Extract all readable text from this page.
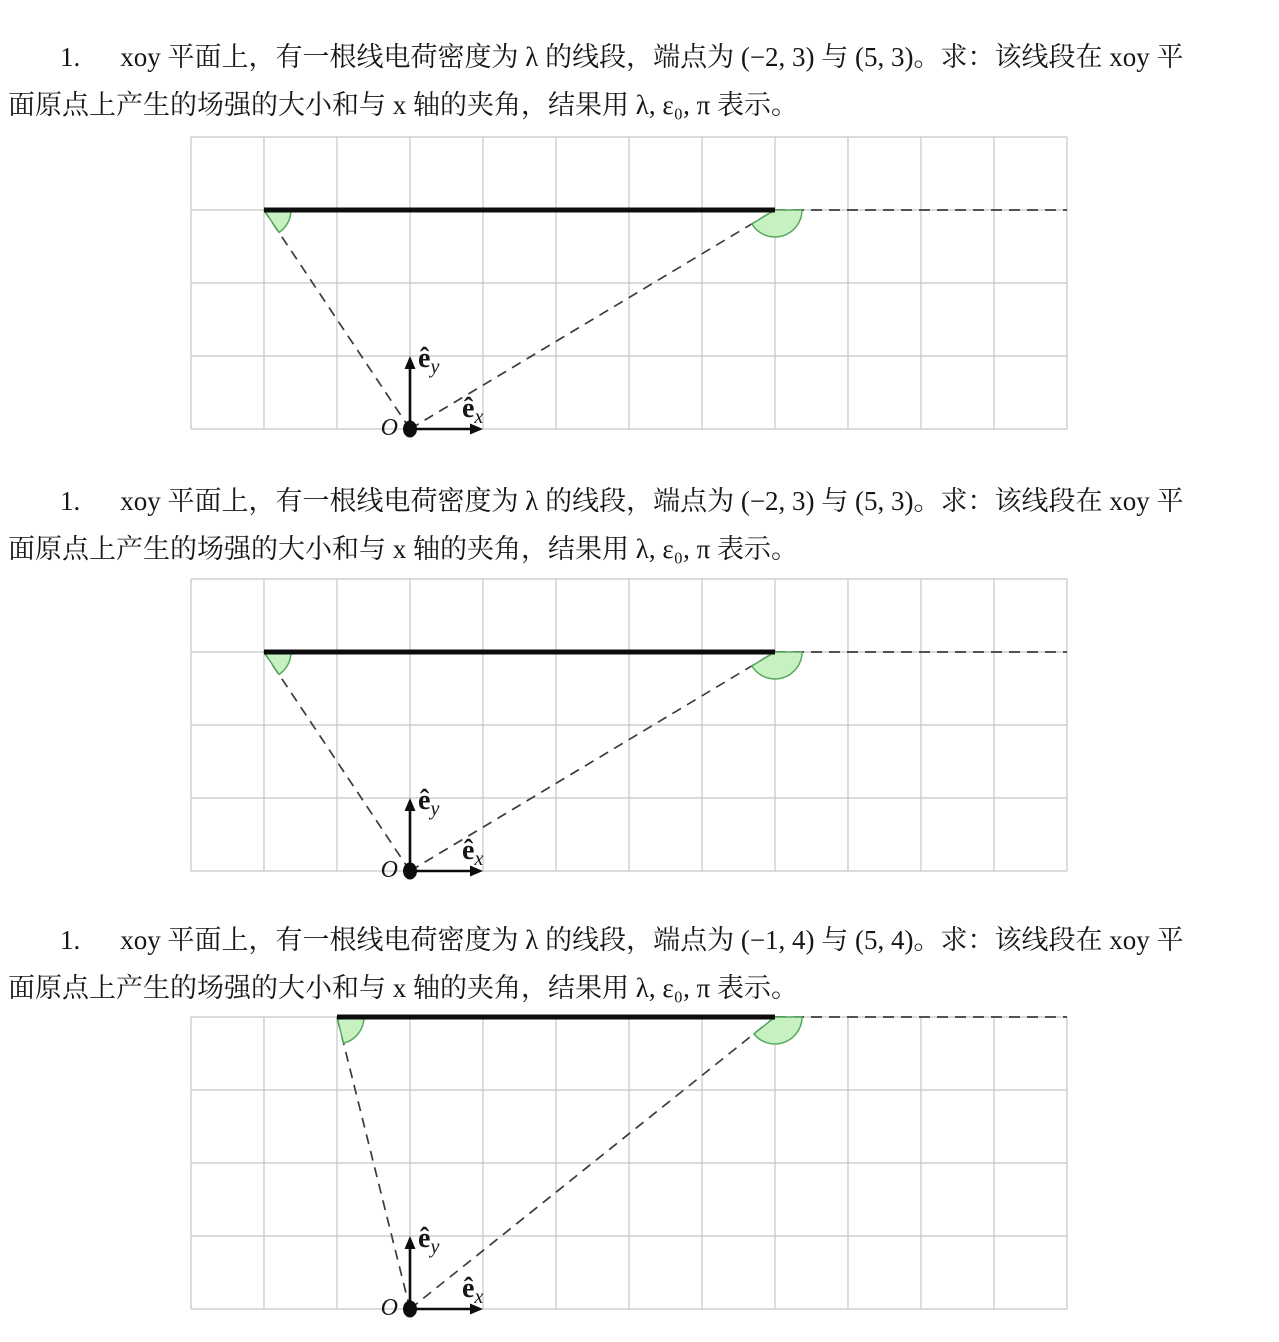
1. xoy 平面上，有一根线电荷密度为 λ 的线段，端点为 (−2, 3) 与 (5, 3)。求：该线段在 xoy 平
面原点上产生的场强的大小和与 x 轴的夹角，结果用 λ, ε₀, π 表示。
$ê_y$
$ê_x$
O
1. xoy 平面上，有一根线电荷密度为 λ 的线段，端点为 (−2, 3) 与 (5, 3)。求：该线段在 xoy 平
面原点上产生的场强的大小和与 x 轴的夹角，结果用 λ, ε₀, π 表示。
$ê_y$
$ê_x$
O
1. xoy 平面上，有一根线电荷密度为 λ 的线段，端点为 (−1, 4) 与 (5, 4)。求：该线段在 xoy 平
面原点上产生的场强的大小和与 x 轴的夹角，结果用 λ, ε₀, π 表示。
$ê_y$
$ê_x$
O
